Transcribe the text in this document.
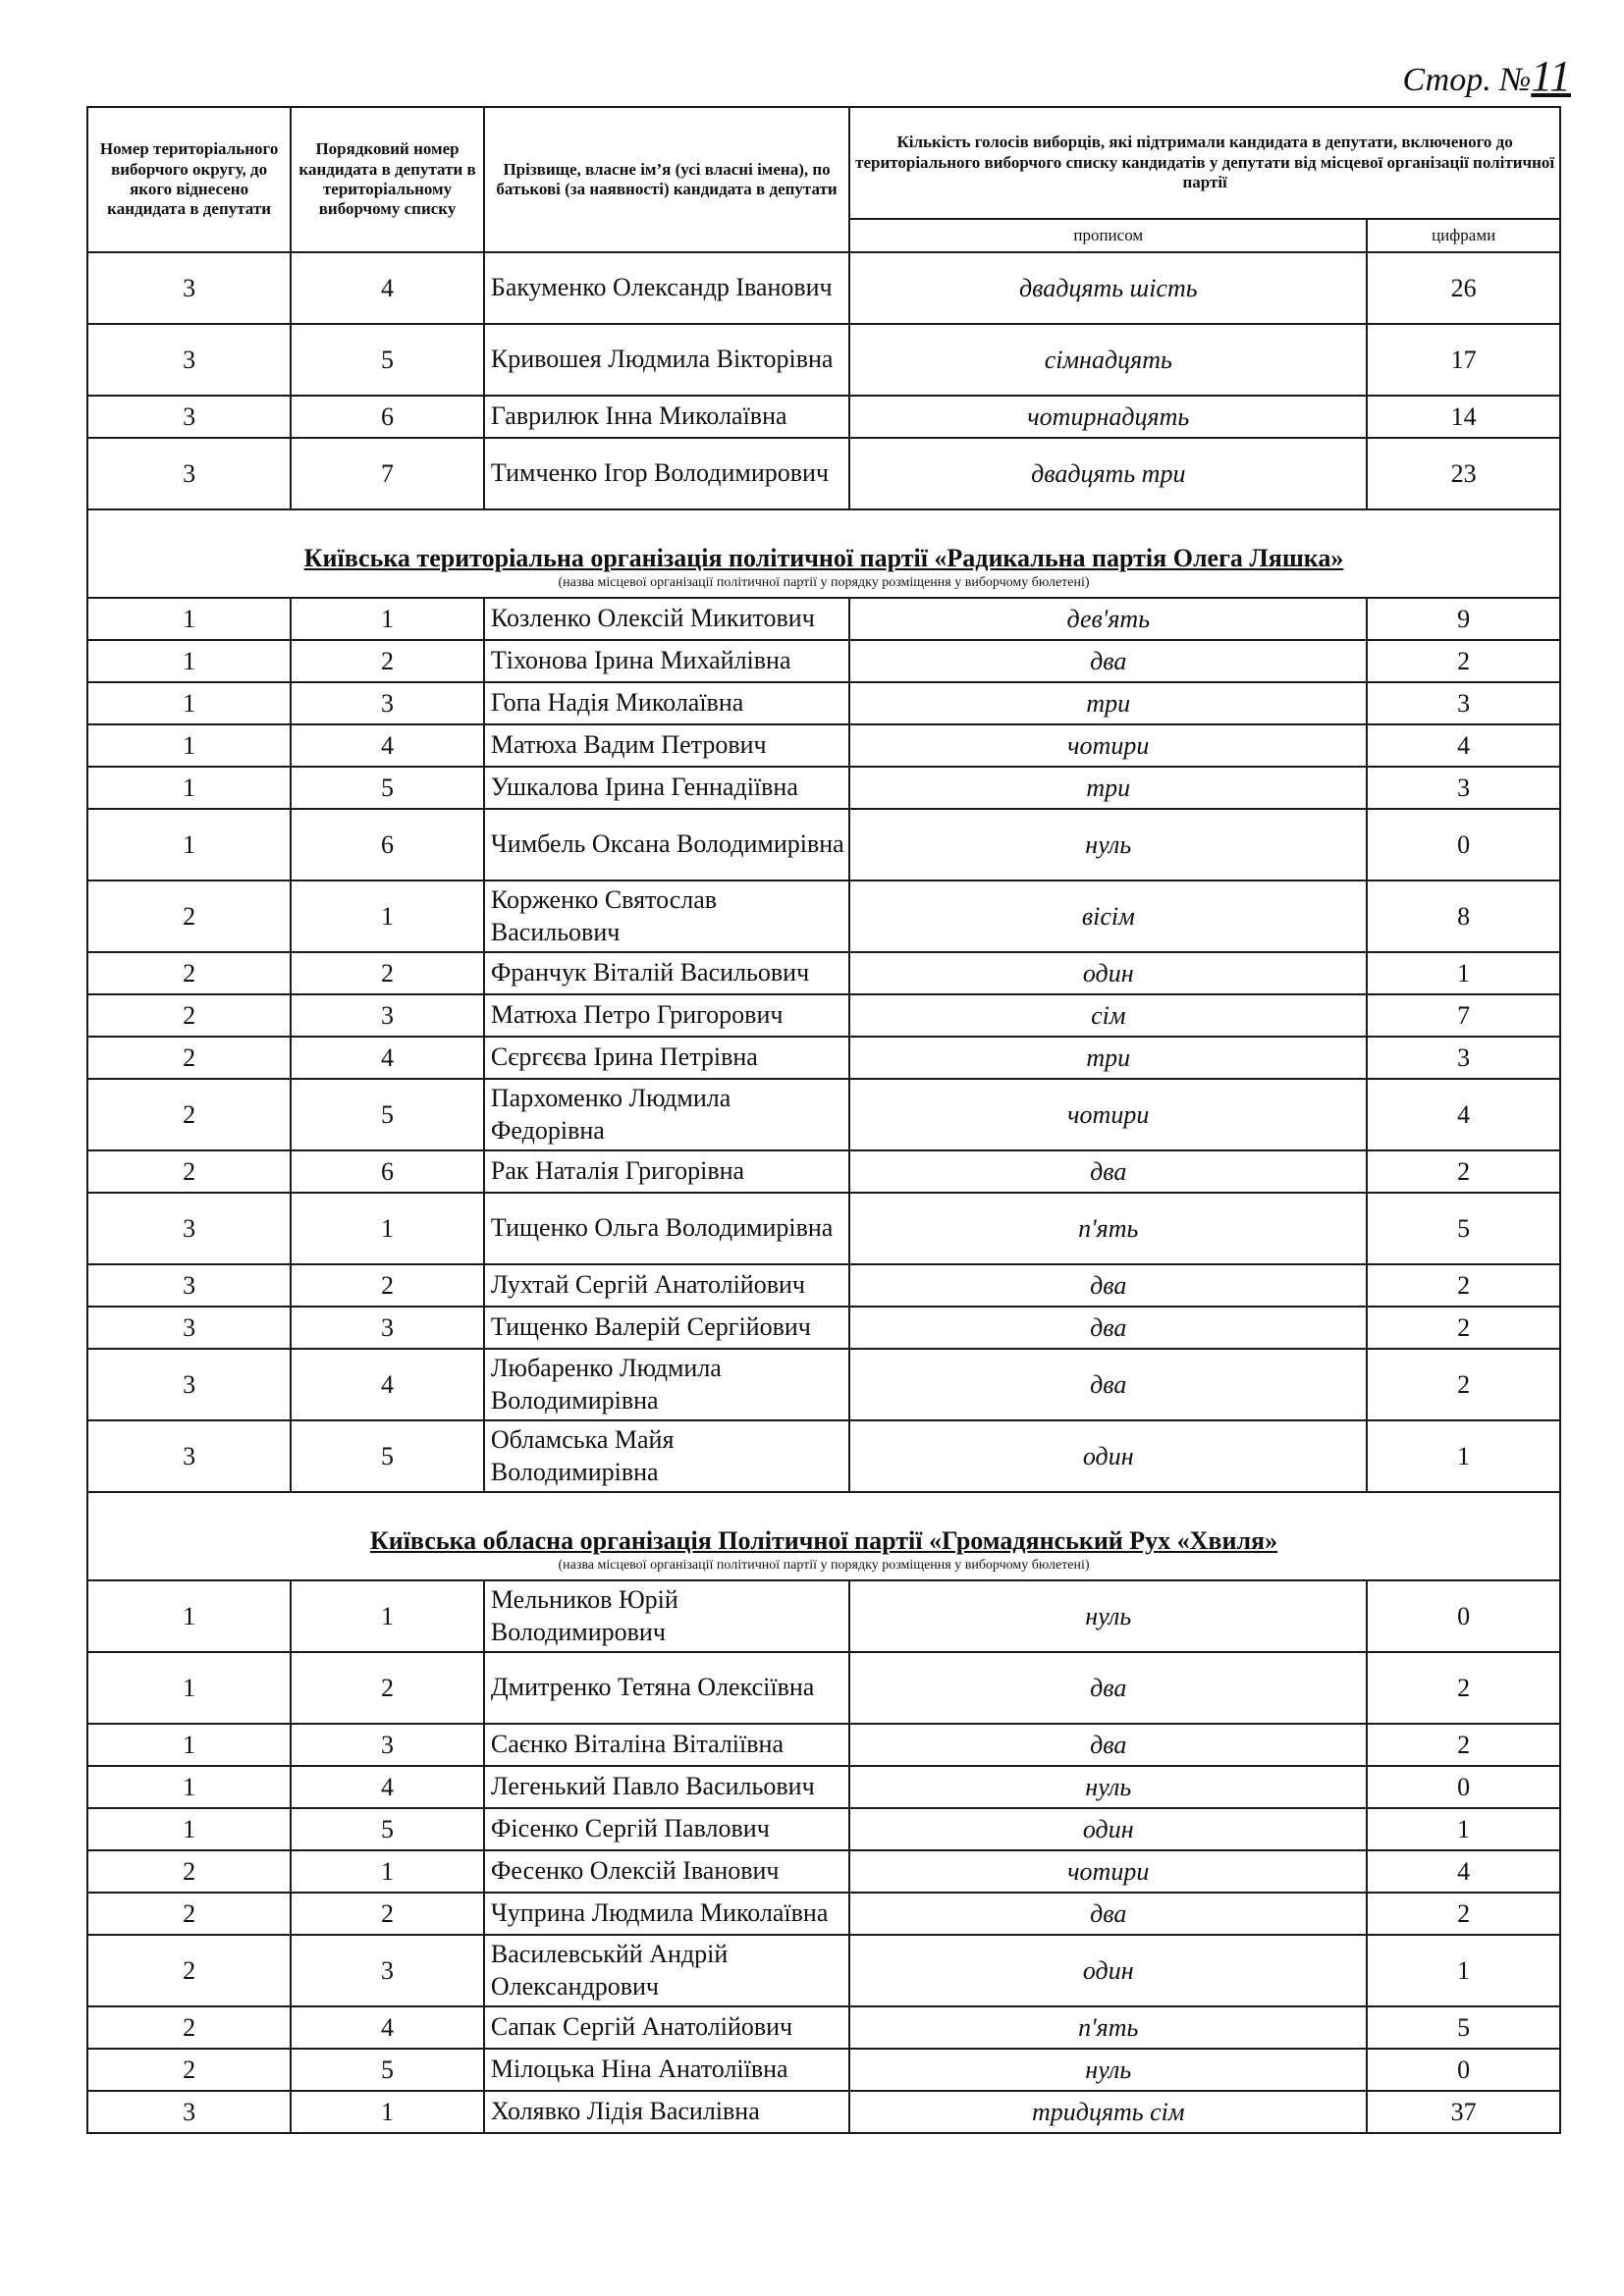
Стор. №11
Номер територіального виборчого округу, до якого віднесено кандидата в депутати	Порядковий номер кандидата в депутати в територіальному виборчому списку	Прізвище, власне ім’я (усі власні імена), по батькові (за наявності) кандидата в депутати	Кількість голосів виборців, які підтримали кандидата в депутати, включеного до територіального виборчого списку кандидатів у депутати від місцевої організації політичної партії	
			прописом	цифрами
3	4	Бакуменко Олександр Іванович	двадцять шість	26
3	5	Кривошея Людмила Вікторівна	сімнадцять	17
3	6	Гаврилюк Інна Миколаївна	чотирнадцять	14
3	7	Тимченко Ігор Володимирович	двадцять три	23

Київська територіальна організація політичної партії «Радикальна партія Олега Ляшка»
(назва місцевої організації політичної партії у порядку розміщення у виборчому бюлетені)				

1	1	Козленко Олексій Микитович	дев'ять	9
1	2	Тіхонова Ірина Михайлівна	два	2
1	3	Гопа Надія Миколаївна	три	3
1	4	Матюха Вадим Петрович	чотири	4
1	5	Ушкалова Ірина Геннадіївна	три	3
1	6	Чимбель Оксана Володимирівна	нуль	0
2	1	Корженко Святослав Васильович	вісім	8
2	2	Франчук Віталій Васильович	один	1
2	3	Матюха Петро Григорович	сім	7
2	4	Сєргєєва Ірина Петрівна	три	3
2	5	Пархоменко Людмила Федорівна	чотири	4
2	6	Рак Наталія Григорівна	два	2
3	1	Тищенко Ольга Володимирівна	п'ять	5
3	2	Лухтай Сергій Анатолійович	два	2
3	3	Тищенко Валерій Сергійович	два	2
3	4	Любаренко Людмила Володимирівна	два	2
3	5	Обламська Майя Володимирівна	один	1

Київська обласна організація Політичної партії «Громадянський Рух «Хвиля»
(назва місцевої організації політичної партії у порядку розміщення у виборчому бюлетені)				

1	1	Мельников Юрій Володимирович	нуль	0
1	2	Дмитренко Тетяна Олексіївна	два	2
1	3	Саєнко Віталіна Віталіївна	два	2
1	4	Легенький Павло Васильович	нуль	0
1	5	Фісенко Сергій Павлович	один	1
2	1	Фесенко Олексій Іванович	чотири	4
2	2	Чуприна Людмила Миколаївна	два	2
2	3	Василевськйй Андрій Олександрович	один	1
2	4	Сапак Сергій Анатолійович	п'ять	5
2	5	Мілоцька Ніна Анатоліївна	нуль	0
3	1	Холявко Лідія Василівна	тридцять сім	37
